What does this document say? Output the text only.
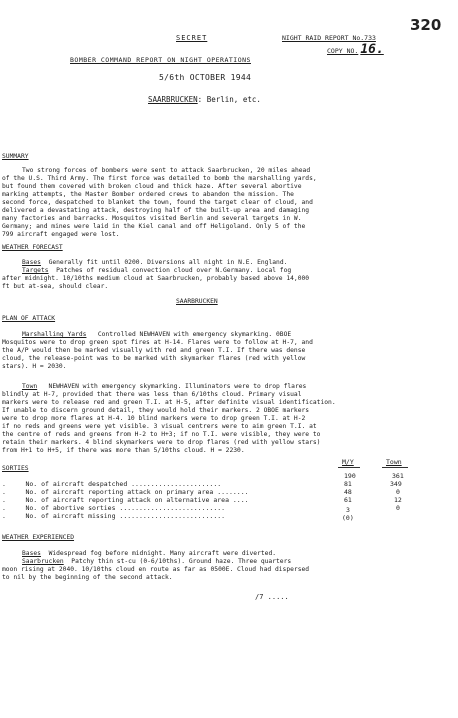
320
SECRET	NIGHT RAID REPORT No.733
COPY NO. 16.
BOMBER COMMAND REPORT ON NIGHT OPERATIONS
5/6th OCTOBER 1944
SAARBRUCKEN: Berlin, etc.
SUMMARY
Two strong forces of bombers were sent to attack Saarbrucken, 20 miles ahead
of the U.S. Third Army. The first force was detailed to bomb the marshalling yards,
but found them covered with broken cloud and thick haze. After several abortive
marking attempts, the Master Bomber ordered crews to abandon the mission. The
second force, despatched to blanket the town, found the target clear of cloud, and
delivered a devastating attack, destroying half of the built-up area and damaging
many factories and barracks. Mosquitos visited Berlin and several targets in W.
Germany; and mines were laid in the Kiel canal and off Heligoland. Only 5 of the
799 aircraft engaged were lost.
WEATHER FORECAST
Bases Generally fit until 0200. Diversions all night in N.E. England.
Targets Patches of residual convection cloud over N.Germany. Local fog
after midnight. 10/10ths medium cloud at Saarbrucken, probably based above 14,000
ft but at-sea, should clear.
SAARBRUCKEN
PLAN OF ATTACK
Marshalling Yards Controlled NEWHAVEN with emergency skymarking. 0BOE
Mosquitos were to drop green spot fires at H-14. Flares were to follow at H-7, and
the A/P would then be marked visually with red and green T.I. If there was dense
cloud, the release-point was to be marked with skymarker flares (red with yellow
stars). H = 2030.
Town NEWHAVEN with emergency skymarking. Illuminators were to drop flares
blindly at H-7, provided that there was less than 6/10ths cloud. Primary visual
markers were to release red and green T.I. at H-5, after definite visual identification.
If unable to discern ground detail, they would hold their markers. 2 OBOE markers
were to drop more flares at H-4. 10 blind markers were to drop green T.I. at H-2
if no reds and greens were yet visible. 3 visual centrers were to aim green T.I. at
the centre of reds and greens from H-2 to H+3; if no T.I. were visible, they were to
retain their markers. 4 blind skymarkers were to drop flares (red with yellow stars)
from H+1 to H+5, if there was more than 5/10ths cloud. H = 2230.
SORTIES
M/Y	Town
.     No. of aircraft despatched .......................
.     No. of aircraft reporting attack on primary area ........
.     No. of aircraft reporting attack on alternative area ....
.     No. of abortive sorties ...........................
.     No. of aircraft missing ...........................
190
81
48
61
3
(0)
361
349
0
12
0
WEATHER EXPERIENCED
Bases Widespread fog before midnight. Many aircraft were diverted.
Saarbrucken Patchy thin st-cu (0-6/10ths). Ground haze. Three quarters
moon rising at 2040. 10/10ths cloud en route as far as 0500E. Cloud had dispersed
to nil by the beginning of the second attack.
/7 .....
